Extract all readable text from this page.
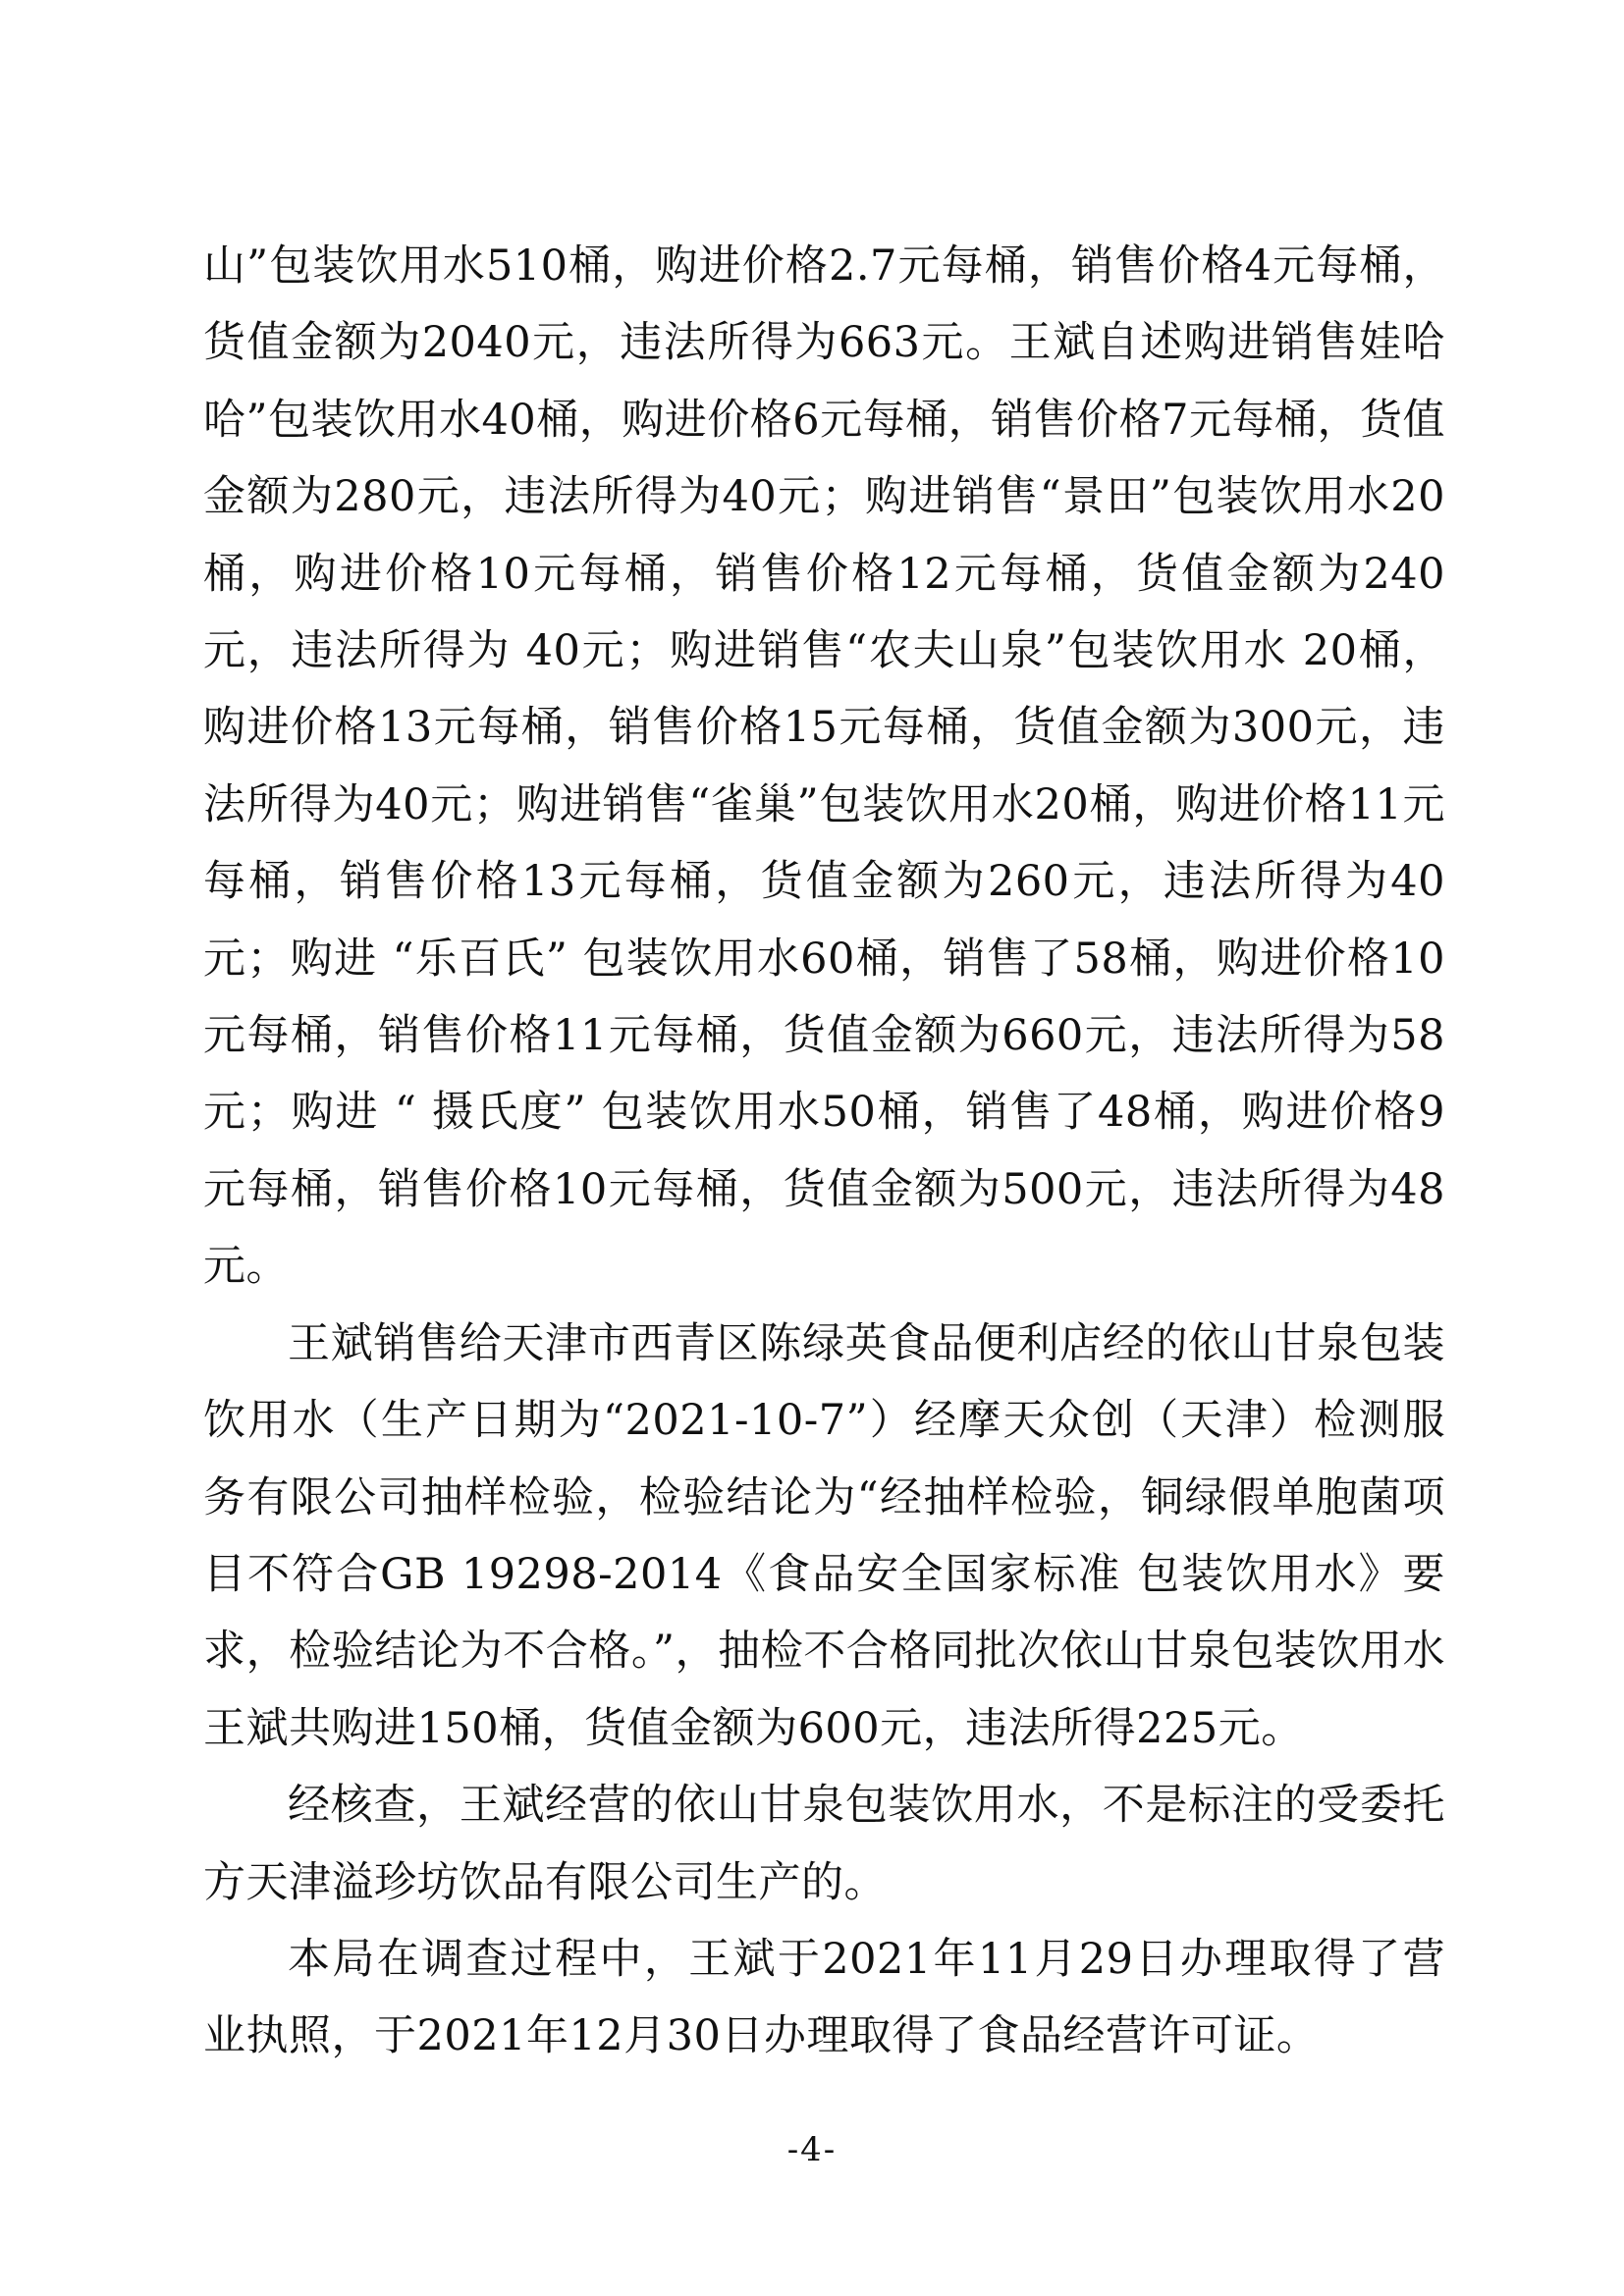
山”包装饮用水510桶，购进价格2.7元每桶，销售价格4元每桶，货值金额为2040元，违法所得为663元。王斌自述购进销售娃哈哈”包装饮用水40桶，购进价格6元每桶，销售价格7元每桶，货值金额为280元，违法所得为40元；购进销售“景田”包装饮用水20桶，购进价格10元每桶，销售价格12元每桶，货值金额为240元，违法所得为 40元；购进销售“农夫山泉”包装饮用水 20桶，购进价格13元每桶，销售价格15元每桶，货值金额为300元，违法所得为40元；购进销售“雀巢”包装饮用水20桶，购进价格11元每桶，销售价格13元每桶，货值金额为260元，违法所得为40元；购进 “乐百氏” 包装饮用水60桶，销售了58桶，购进价格10元每桶，销售价格11元每桶，货值金额为660元，违法所得为58元；购进 “ 摄氏度” 包装饮用水50桶，销售了48桶，购进价格9元每桶，销售价格10元每桶，货值金额为500元，违法所得为48元。

王斌销售给天津市西青区陈绿英食品便利店经的依山甘泉包装饮用水（生产日期为“2021-10-7”）经摩天众创（天津）检测服务有限公司抽样检验，检验结论为“经抽样检验，铜绿假单胞菌项目不符合GB 19298-2014《食品安全国家标准 包装饮用水》要求，检验结论为不合格。”，抽检不合格同批次依山甘泉包装饮用水王斌共购进150桶，货值金额为600元，违法所得225元。

经核查，王斌经营的依山甘泉包装饮用水，不是标注的受委托方天津溢珍坊饮品有限公司生产的。

本局在调查过程中，王斌于2021年11月29日办理取得了营业执照，于2021年12月30日办理取得了食品经营许可证。

-4-
